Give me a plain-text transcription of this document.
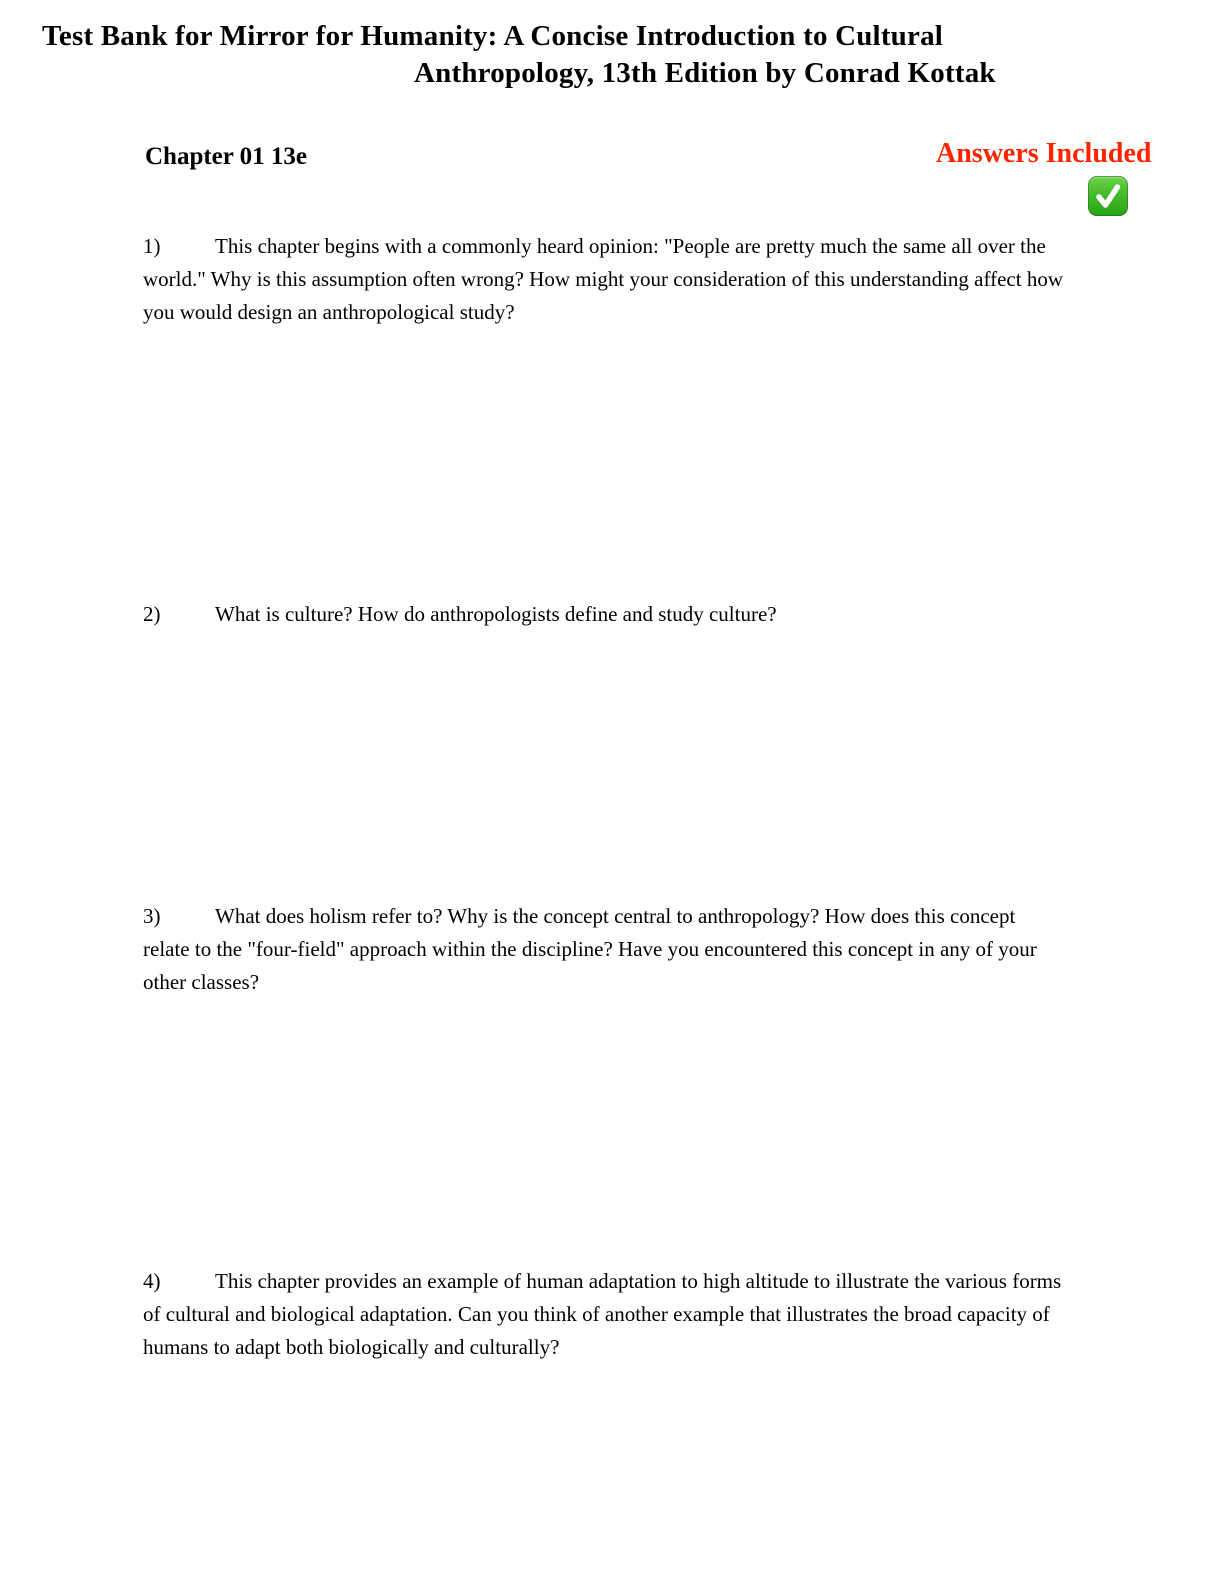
Test Bank for Mirror for Humanity: A Concise Introduction to Cultural
Anthropology, 13th Edition by Conrad Kottak
Chapter 01 13e	Answers Included

1)	This chapter begins with a commonly heard opinion: "People are pretty much the same all over the world." Why is this assumption often wrong? How might your consideration of this understanding affect how you would design an anthropological study?

2)	What is culture? How do anthropologists define and study culture?

3)	What does holism refer to? Why is the concept central to anthropology? How does this concept relate to the "four-field" approach within the discipline? Have you encountered this concept in any of your other classes?

4)	This chapter provides an example of human adaptation to high altitude to illustrate the various forms of cultural and biological adaptation. Can you think of another example that illustrates the broad capacity of humans to adapt both biologically and culturally?
